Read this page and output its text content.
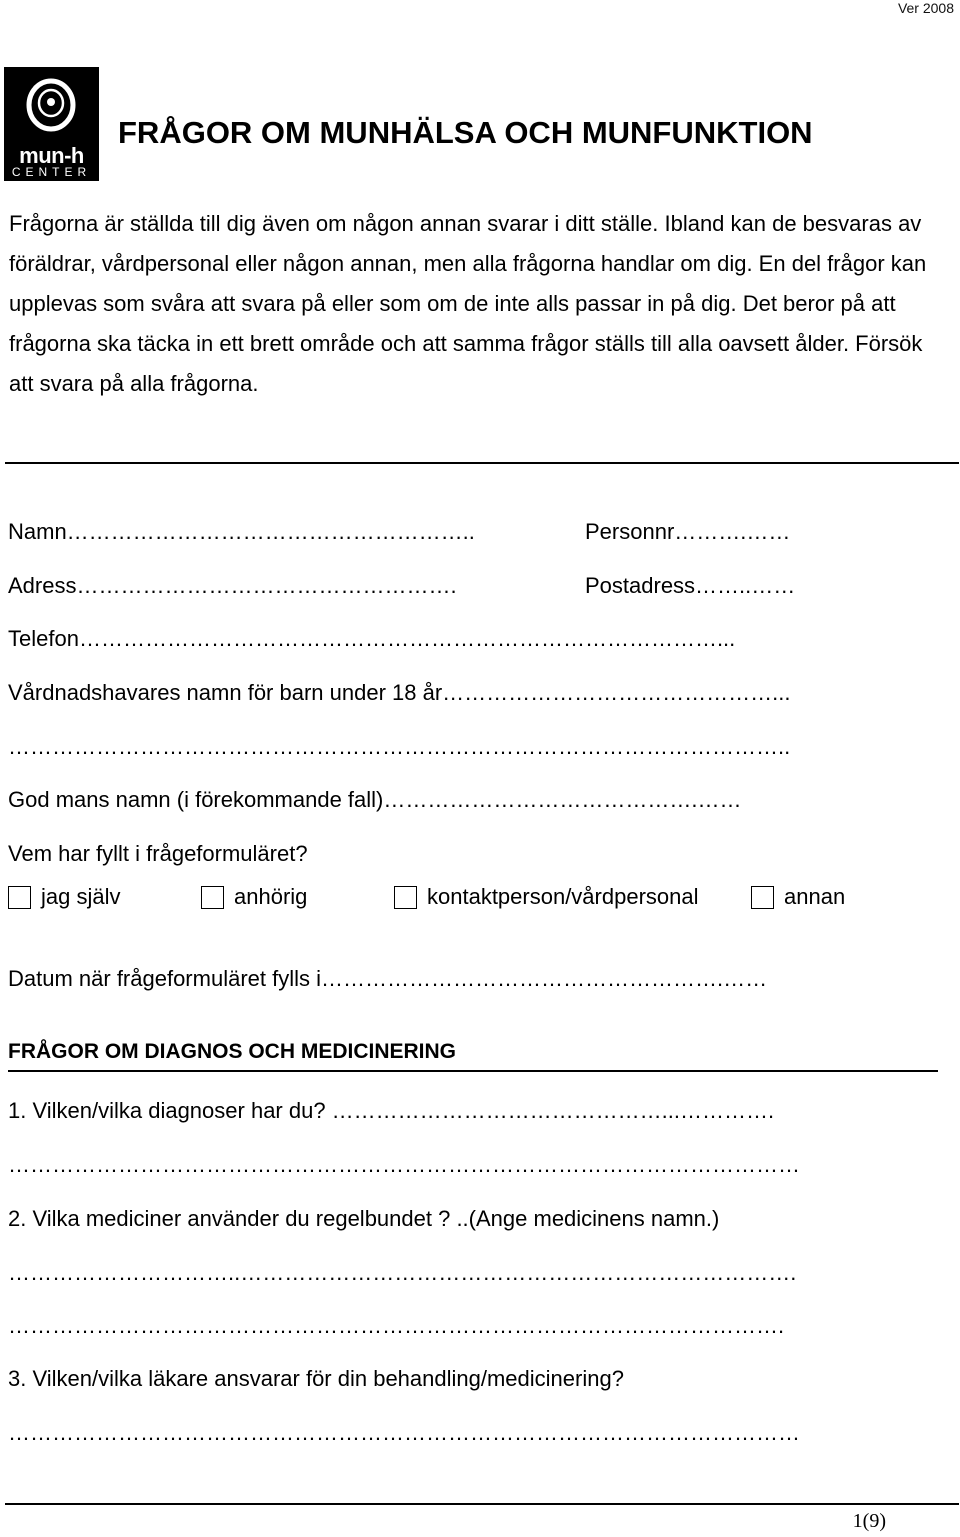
Ver 2008
mun-h
CENTER
FRÅGOR OM MUNHÄLSA OCH MUNFUNKTION
Frågorna är ställda till dig även om någon annan svarar i ditt ställe. Ibland kan de besvaras av föräldrar, vårdpersonal eller någon annan, men alla frågorna handlar om dig. En del frågor kan upplevas som svåra att svara på eller som om de inte alls passar in på dig. Det beror på att frågorna ska täcka in ett brett område och att samma frågor ställs till alla oavsett ålder. Försök att svara på alla frågorna.
Namn………………………………………………..	Personnr……….……
Adress…………………………………………….	Postadress……..……
Telefon……………………………………………………………………………...
Vårdnadshavares namn för barn under 18 år………………………………………...
……………………………………………………………………………………………..
God mans namn (i förekommande fall)…………………………………….……
Vem har fyllt i frågeformuläret?
jag själv	anhörig	kontaktperson/vårdpersonal	annan
Datum när frågeformuläret fylls i……………………………………………….……
FRÅGOR OM DIAGNOS OCH MEDICINERING
1. Vilken/vilka diagnoser har du? ………………………………………...………….
………………………………………………………………………………………………
2. Vilka mediciner använder du regelbundet ? ..(Ange medicinens namn.)
…………………………..………………………………………………………………….
…………………………………………………………………………………………….
3. Vilken/vilka läkare ansvarar för din behandling/medicinering?
………………………………………………………………………………………………
1(9)
